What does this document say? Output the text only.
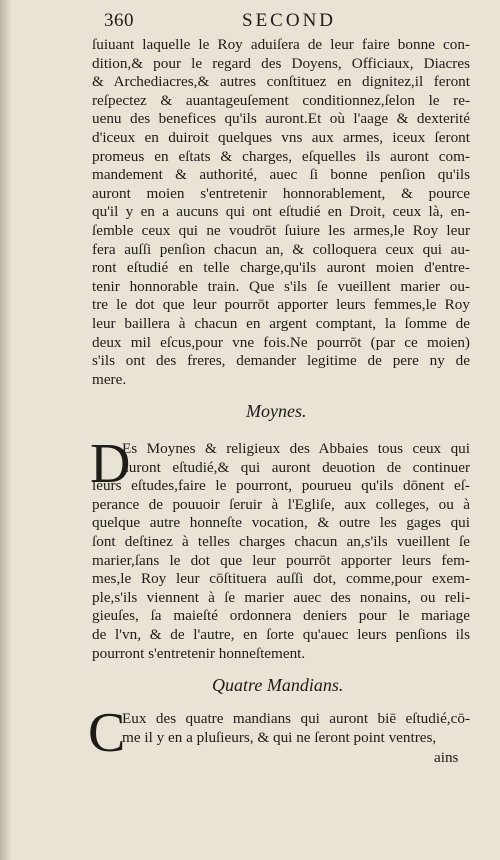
360	SECOND
ſuiuant laquelle le Roy aduiſera de leur faire bonne con-
dition,& pour le regard des Doyens, Officiaux, Diacres
& Archediacres,& autres conſtituez en dignitez,il feront
reſpectez & auantageuſement conditionnez,ſelon le re-
uenu des benefices qu'ils auront.Et où l'aage & dexterité
d'iceux en duiroit quelques vns aux armes, iceux ſeront
promeus en eſtats & charges, eſquelles ils auront com-
mandement & authorité, auec ſi bonne penſion qu'ils
auront moien s'entretenir honnorablement, & pource
qu'il y en a aucuns qui ont eſtudié en Droit, ceux là, en-
ſemble ceux qui ne voudrōt ſuiure les armes,le Roy leur
fera auſſi penſion chacun an, & colloquera ceux qui au-
ront eſtudié en telle charge,qu'ils auront moien d'entre-
tenir honnorable train. Que s'ils ſe vueillent marier ou-
tre le dot que leur pourrōt apporter leurs femmes,le Roy
leur baillera à chacun en argent comptant, la ſomme de
deux mil eſcus,pour vne fois.Ne pourrōt (par ce moien)
s'ils ont des freres, demander legitime de pere ny de
mere.
Moynes.
D
Es Moynes & religieux des Abbaies tous ceux qui
auront eſtudié,& qui auront deuotion de continuer
leurs eſtudes,faire le pourront, pourueu qu'ils dōnent eſ-
perance de pouuoir ſeruir à l'Egliſe, aux colleges, ou à
quelque autre honneſte vocation, & outre les gages qui
ſont deſtinez à telles charges chacun an,s'ils vueillent ſe
marier,ſans le dot que leur pourrōt apporter leurs fem-
mes,le Roy leur cōſtituera auſſi dot, comme,pour exem-
ple,s'ils viennent à ſe marier auec des nonains, ou reli-
gieuſes, ſa maieſté ordonnera deniers pour le mariage
de l'vn, & de l'autre, en ſorte qu'auec leurs penſions ils
pourront s'entretenir honneſtement.
Quatre Mandians.
C
Eux des quatre mandians qui auront biē eſtudié,cō-
me il y en a pluſieurs, & qui ne ſeront point ventres,
ains
